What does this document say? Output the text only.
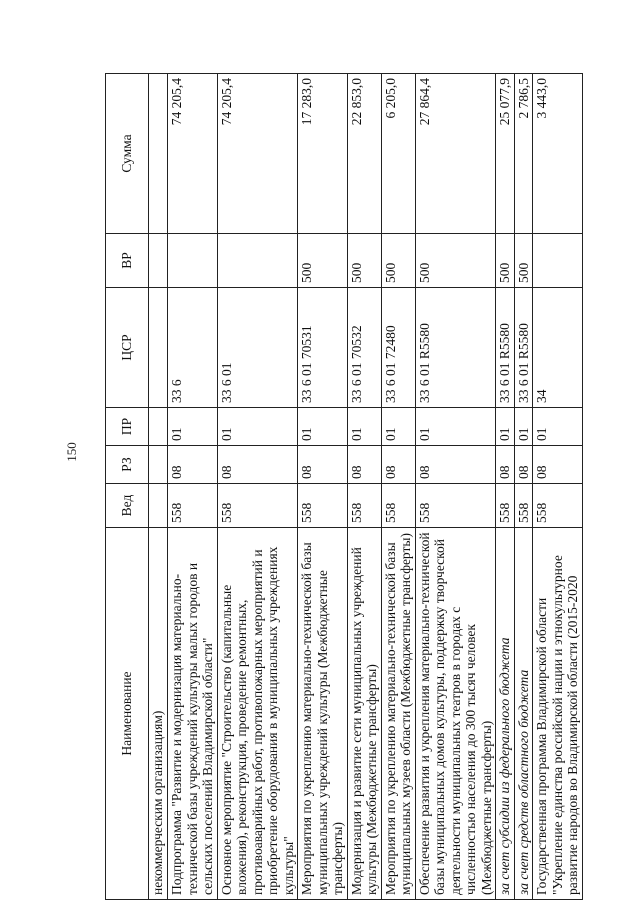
150
Наименование	Вед	РЗ	ПР	ЦСР	ВР	Сумма
некоммерческим организациям)						
Подпрограмма "Развитие и модернизация материально-технической базы учреждений культуры малых городов и сельских поселений Владимирской области"	558	08	01	33 6		74 205,4
Основное мероприятие "Строительство (капитальные вложения), реконструкция, проведение ремонтных, противоаварийных работ, противопожарных мероприятий и приобретение оборудования в муниципальных учреждениях культуры"	558	08	01	33 6 01		74 205,4
Мероприятия по укреплению материально-технической базы муниципальных учреждений культуры (Межбюджетные трансферты)	558	08	01	33 6 01 70531	500	17 283,0
Модернизация и развитие сети муниципальных учреждений культуры (Межбюджетные трансферты)	558	08	01	33 6 01 70532	500	22 853,0
Мероприятия по укреплению материально-технической базы муниципальных музеев области (Межбюджетные трансферты)	558	08	01	33 6 01 72480	500	6 205,0
Обеспечение развития и укрепления материально-технической базы муниципальных домов культуры, поддержку творческой деятельности муниципальных театров в городах с численностью населения до 300 тысяч человек (Межбюджетные трансферты)	558	08	01	33 6 01 R5580	500	27 864,4
за счет субсидии из федерального бюджета	558	08	01	33 6 01 R5580	500	25 077,9
за счет средств областного бюджета	558	08	01	33 6 01 R5580	500	2 786,5
Государственная программа Владимирской области "Укрепление единства российской нации и этнокультурное развитие народов во Владимирской области (2015-2020	558	08	01	34		3 443,0
